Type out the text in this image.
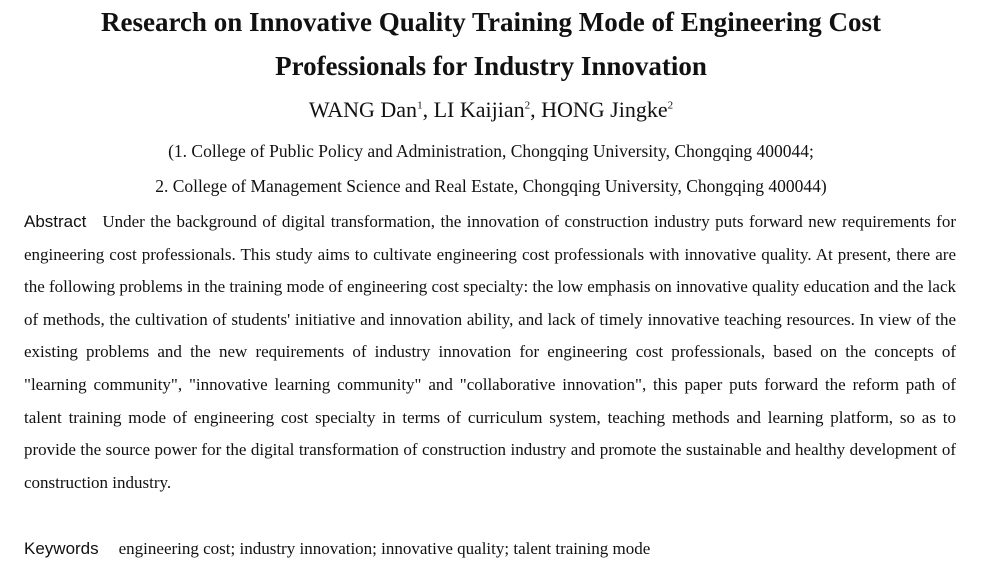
Research on Innovative Quality Training Mode of Engineering Cost
Professionals for Industry Innovation
WANG Dan$^1$, LI Kaijian$^2$, HONG Jingke$^2$
(1. College of Public Policy and Administration, Chongqing University, Chongqing 400044;
2. College of Management Science and Real Estate, Chongqing University, Chongqing 400044)

Abstract Under the background of digital transformation, the innovation of construction industry puts forward new requirements for engineering cost professionals. This study aims to cultivate engineering cost professionals with innovative quality. At present, there are the following problems in the training mode of engineering cost specialty: the low emphasis on innovative quality education and the lack of methods, the cultivation of students' initiative and innovation ability, and lack of timely innovative teaching resources. In view of the existing problems and the new requirements of industry innovation for engineering cost professionals, based on the concepts of "learning community", "innovative learning community" and "collaborative innovation", this paper puts forward the reform path of talent training mode of engineering cost specialty in terms of curriculum system, teaching methods and learning platform, so as to provide the source power for the digital transformation of construction industry and promote the sustainable and healthy development of construction industry.

Keywords engineering cost; industry innovation; innovative quality; talent training mode
